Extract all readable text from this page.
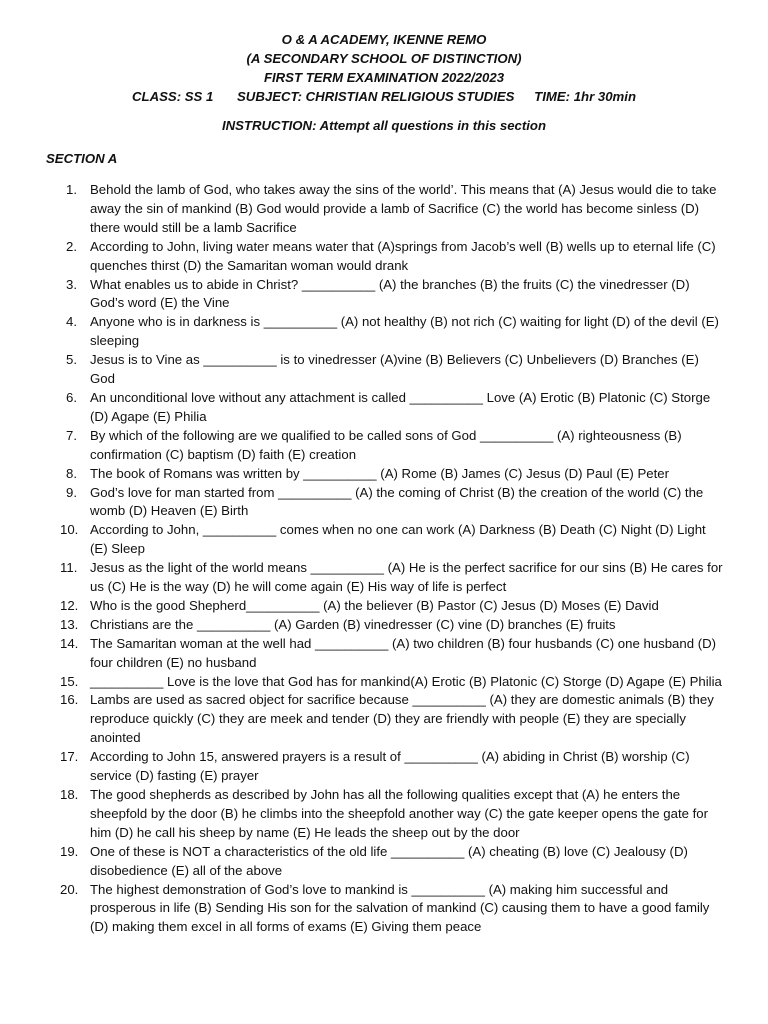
O & A ACADEMY, IKENNE REMO
(A SECONDARY SCHOOL OF DISTINCTION)
FIRST TERM EXAMINATION 2022/2023
CLASS: SS 1 SUBJECT: CHRISTIAN RELIGIOUS STUDIES TIME: 1hr 30min
INSTRUCTION: Attempt all questions in this section
SECTION A
1. Behold the lamb of God, who takes away the sins of the world’. This means that (A) Jesus would die to take away the sin of mankind (B) God would provide a lamb of Sacrifice (C) the world has become sinless (D) there would still be a lamb Sacrifice
2. According to John, living water means water that (A)springs from Jacob’s well (B) wells up to eternal life (C) quenches thirst (D) the Samaritan woman would drank
3. What enables us to abide in Christ? __________ (A) the branches (B) the fruits (C) the vinedresser (D) God’s word (E) the Vine
4. Anyone who is in darkness is __________ (A) not healthy (B) not rich (C) waiting for light (D) of the devil (E) sleeping
5. Jesus is to Vine as __________ is to vinedresser (A)vine (B) Believers (C) Unbelievers (D) Branches (E) God
6. An unconditional love without any attachment is called __________ Love (A) Erotic (B) Platonic (C) Storge (D) Agape (E) Philia
7. By which of the following are we qualified to be called sons of God __________ (A) righteousness (B) confirmation (C) baptism (D) faith (E) creation
8. The book of Romans was written by __________ (A) Rome (B) James (C) Jesus (D) Paul (E) Peter
9. God’s love for man started from __________ (A) the coming of Christ (B) the creation of the world (C) the womb (D) Heaven (E) Birth
10. According to John, __________ comes when no one can work (A) Darkness (B) Death (C) Night (D) Light (E) Sleep
11. Jesus as the light of the world means __________ (A) He is the perfect sacrifice for our sins (B) He cares for us (C) He is the way (D) he will come again (E) His way of life is perfect
12. Who is the good Shepherd__________ (A) the believer (B) Pastor (C) Jesus (D) Moses (E) David
13. Christians are the __________ (A) Garden (B) vinedresser (C) vine (D) branches (E) fruits
14. The Samaritan woman at the well had __________ (A) two children (B) four husbands (C) one husband (D) four children (E) no husband
15. __________ Love is the love that God has for mankind(A) Erotic (B) Platonic (C) Storge (D) Agape (E) Philia
16. Lambs are used as sacred object for sacrifice because __________ (A) they are domestic animals (B) they reproduce quickly (C) they are meek and tender (D) they are friendly with people (E) they are specially anointed
17. According to John 15, answered prayers is a result of __________ (A) abiding in Christ (B) worship (C) service (D) fasting (E) prayer
18. The good shepherds as described by John has all the following qualities except that (A) he enters the sheepfold by the door (B) he climbs into the sheepfold another way (C) the gate keeper opens the gate for him (D) he call his sheep by name (E) He leads the sheep out by the door
19. One of these is NOT a characteristics of the old life __________ (A) cheating (B) love (C) Jealousy (D) disobedience (E) all of the above
20. The highest demonstration of God’s love to mankind is __________ (A) making him successful and prosperous in life (B) Sending His son for the salvation of mankind (C) causing them to have a good family (D) making them excel in all forms of exams (E) Giving them peace
